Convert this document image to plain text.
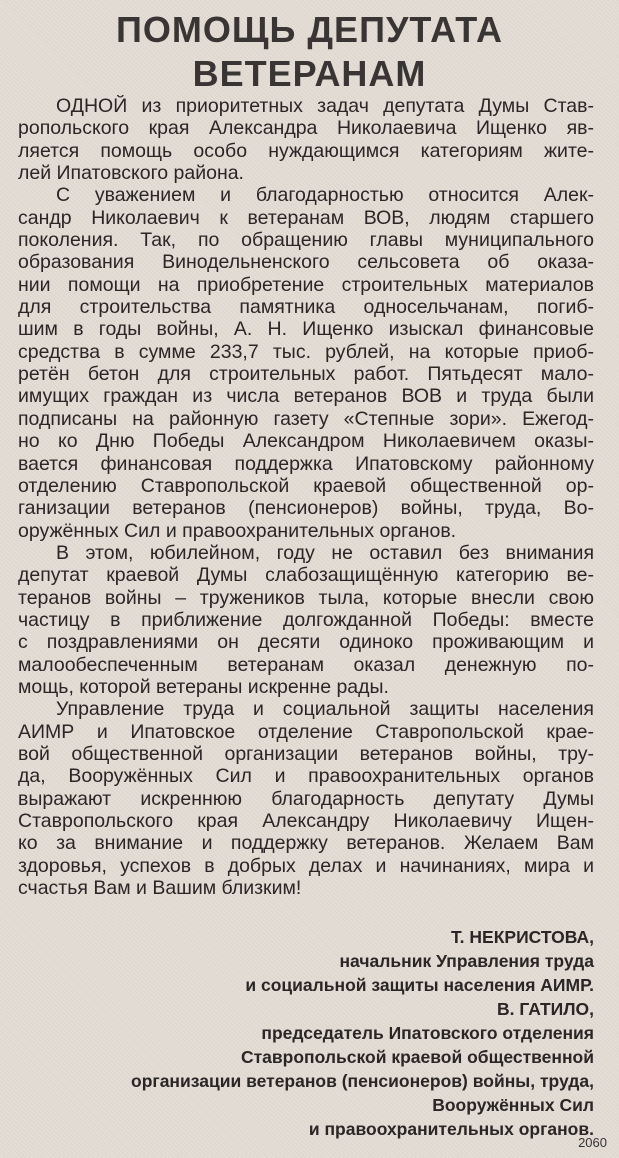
ПОМОЩЬ ДЕПУТАТА
ВЕТЕРАНАМ
ОДНОЙ из приоритетных задач депутата Думы Став-
ропольского края Александра Николаевича Ищенко яв-
ляется помощь особо нуждающимся категориям жите-
лей Ипатовского района.
С уважением и благодарностью относится Алек-
сандр Николаевич к ветеранам ВОВ, людям старшего
поколения. Так, по обращению главы муниципального
образования Винодельненского сельсовета об оказа-
нии помощи на приобретение строительных материалов
для строительства памятника односельчанам, погиб-
шим в годы войны, А. Н. Ищенко изыскал финансовые
средства в сумме 233,7 тыс. рублей, на которые приоб-
ретён бетон для строительных работ. Пятьдесят мало-
имущих граждан из числа ветеранов ВОВ и труда были
подписаны на районную газету «Степные зори». Ежегод-
но ко Дню Победы Александром Николаевичем оказы-
вается финансовая поддержка Ипатовскому районному
отделению Ставропольской краевой общественной ор-
ганизации ветеранов (пенсионеров) войны, труда, Во-
оружённых Сил и правоохранительных органов.
В этом, юбилейном, году не оставил без внимания
депутат краевой Думы слабозащищённую категорию ве-
теранов войны – тружеников тыла, которые внесли свою
частицу в приближение долгожданной Победы: вместе
с поздравлениями он десяти одиноко проживающим и
малообеспеченным ветеранам оказал денежную по-
мощь, которой ветераны искренне рады.
Управление труда и социальной защиты населения
АИМР и Ипатовское отделение Ставропольской крае-
вой общественной организации ветеранов войны, тру-
да, Вооружённых Сил и правоохранительных органов
выражают искреннюю благодарность депутату Думы
Ставропольского края Александру Николаевичу Ищен-
ко за внимание и поддержку ветеранов. Желаем Вам
здоровья, успехов в добрых делах и начинаниях, мира и
счастья Вам и Вашим близким!
Т. НЕКРИСТОВА,
начальник Управления труда
и социальной защиты населения АИМР.
В. ГАТИЛО,
председатель Ипатовского отделения
Ставропольской краевой общественной
организации ветеранов (пенсионеров) войны, труда,
Вооружённых Сил
и правоохранительных органов.
2060
